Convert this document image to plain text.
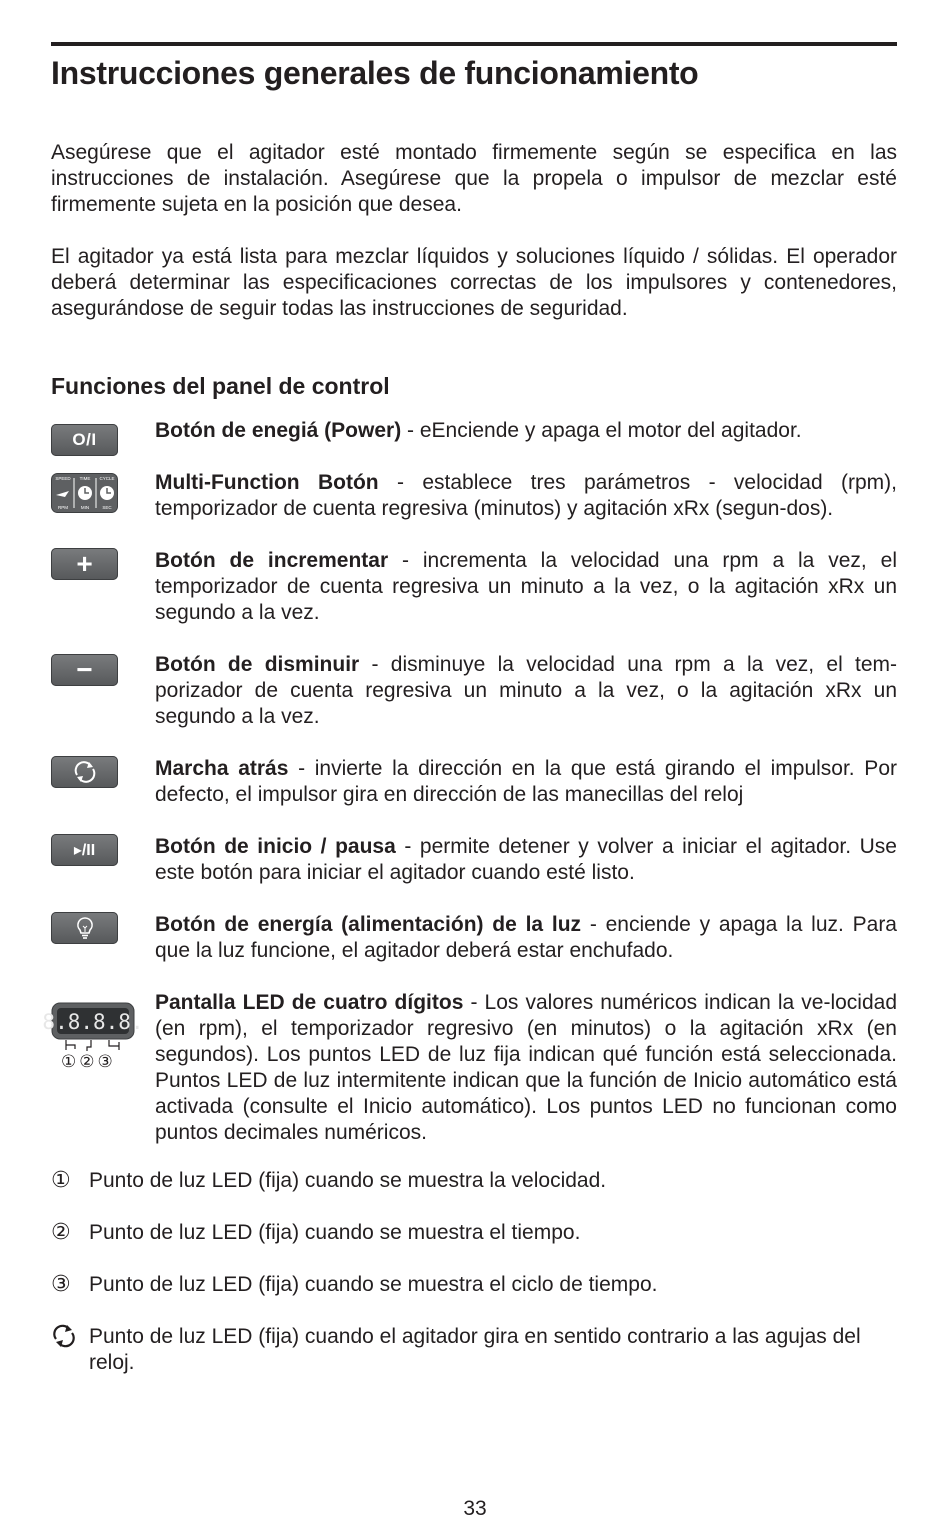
Instrucciones generales de funcionamiento

Asegúrese que el agitador esté montado firmemente según se especifica en las instrucciones de instalación. Asegúrese que la propela o impulsor de mezclar esté firmemente sujeta en la posición que desea.

El agitador ya está lista para mezclar líquidos y soluciones líquido / sólidas. El operador deberá determinar las especificaciones correctas de los impulsores y contenedores, asegurándose de seguir todas las instrucciones de seguridad.

Funciones del panel de control
O/I	Botón de enegiá (Power) - eEnciende y apaga el motor del agitador.

SPEED TIME CYCLE
RPM	MIN	SEC

Multi-Function Botón - establece tres parámetros - velocidad (rpm), temporizador de cuenta regresiva (minutos) y agitación xRx (segun-dos).

+	Botón de incrementar - incrementa la velocidad una rpm a la vez, el temporizador de cuenta regresiva un minuto a la vez, o la agitación xRx un segundo a la vez.

−	Botón de disminuir - disminuye la velocidad una rpm a la vez, el tem-porizador de cuenta regresiva un minuto a la vez, o la agitación xRx un segundo a la vez.

Marcha atrás - invierte la dirección en la que está girando el impulsor. Por defecto, el impulsor gira en dirección de las manecillas del reloj

▸/II	Botón de inicio / pausa - permite detener y volver a iniciar el agitador. Use este botón para iniciar el agitador cuando esté listo.

Botón de energía (alimentación) de la luz - enciende y apaga la luz. Para que la luz funcione, el agitador deberá estar enchufado.

8.8.8.8.
①②③

Pantalla LED de cuatro dígitos - Los valores numéricos indican la ve-locidad (en rpm), el temporizador regresivo (en minutos) o la agitación xRx (en segundos). Los puntos LED de luz fija indican qué función está seleccionada. Puntos LED de luz intermitente indican que la función de Inicio automático está activada (consulte el Inicio automático). Los puntos LED no funcionan como puntos decimales numéricos.

① Punto de luz LED (fija) cuando se muestra la velocidad.
② Punto de luz LED (fija) cuando se muestra el tiempo.
③ Punto de luz LED (fija) cuando se muestra el ciclo de tiempo.
Punto de luz LED (fija) cuando el agitador gira en sentido contrario a las agujas del reloj.
33
